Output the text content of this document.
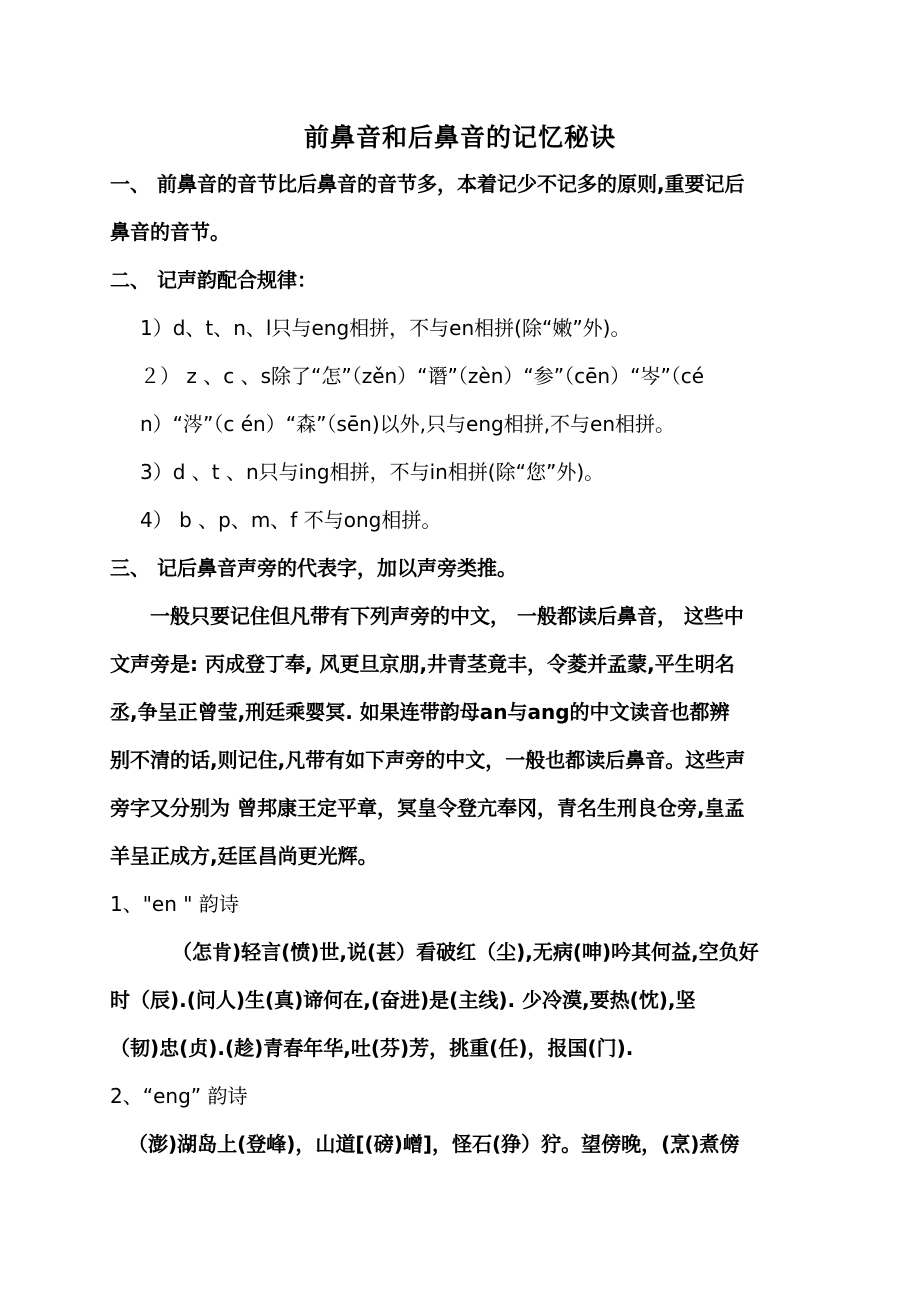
前鼻音和后鼻音的记忆秘诀
一、 前鼻音的音节比后鼻音的音节多，本着记少不记多的原则,重要记后
鼻音的音节。
二、 记声韵配合规律：
1）d、t、n、l只与eng相拼，不与en相拼(除“嫩”外)。
２） z 、c 、s除了“怎”（zěn）“谮”（zèn）“参”（cēn）“岑”（cé
n）“涔”（c én）“森”（sēn)以外,只与eng相拼,不与en相拼。
3）d 、t 、n只与ing相拼，不与in相拼(除“您”外)。
4） b 、p、m、f 不与ong相拼。
三、 记后鼻音声旁的代表字，加以声旁类推。
一般只要记住但凡带有下列声旁的中文， 一般都读后鼻音， 这些中
文声旁是: 丙成登丁奉, 风更旦京朋,井青茎竟丰，令菱并孟蒙,平生明名
丞,争呈正曾莹,刑廷乘婴冥. 如果连带韵母an与ang的中文读音也都辨
别不清的话,则记住,凡带有如下声旁的中文，一般也都读后鼻音。这些声
旁字又分别为 曾邦康王定平章，冥皇令登亢奉冈，青名生刑良仓旁,皇孟
羊呈正成方,廷匡昌尚更光辉。
1、"en " 韵诗
（怎肯)轻言(愤)世,说(甚）看破红（尘),无病(呻)吟其何益,空负好
时（辰).(问人)生(真)谛何在,(奋进)是(主线). 少冷漠,要热(忱),坚
（韧)忠(贞).(趁)青春年华,吐(芬)芳，挑重(任)，报国(门).
2、“eng” 韵诗
（澎)湖岛上(登峰)，山道[(磅)嶒]，怪石(狰）狞。望傍晚，(烹)煮傍
